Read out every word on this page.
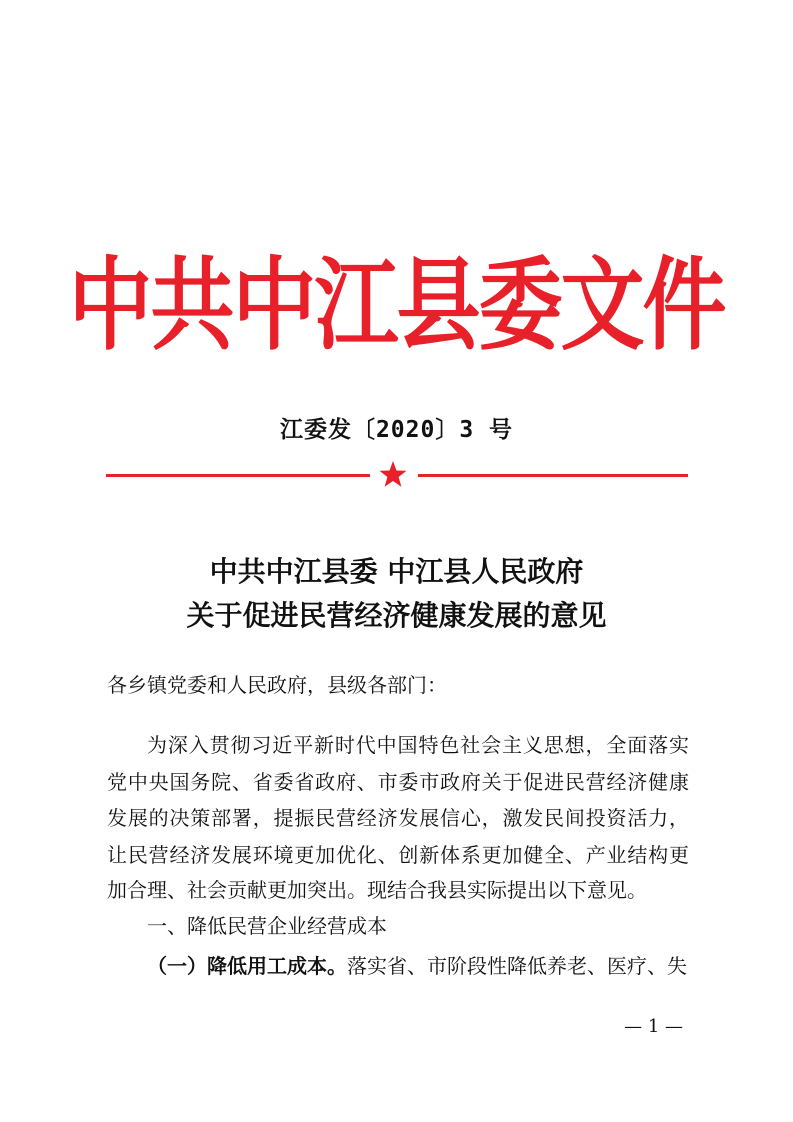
中共中江县委文件
江委发〔2020〕3 号
中共中江县委 中江县人民政府
关于促进民营经济健康发展的意见
各乡镇党委和人民政府，县级各部门：
为深入贯彻习近平新时代中国特色社会主义思想，全面落实
党中央国务院、省委省政府、市委市政府关于促进民营经济健康
发展的决策部署，提振民营经济发展信心，激发民间投资活力，
让民营经济发展环境更加优化、创新体系更加健全、产业结构更
加合理、社会贡献更加突出。现结合我县实际提出以下意见。
一、降低民营企业经营成本
（一）降低用工成本。落实省、市阶段性降低养老、医疗、失
— 1 —
